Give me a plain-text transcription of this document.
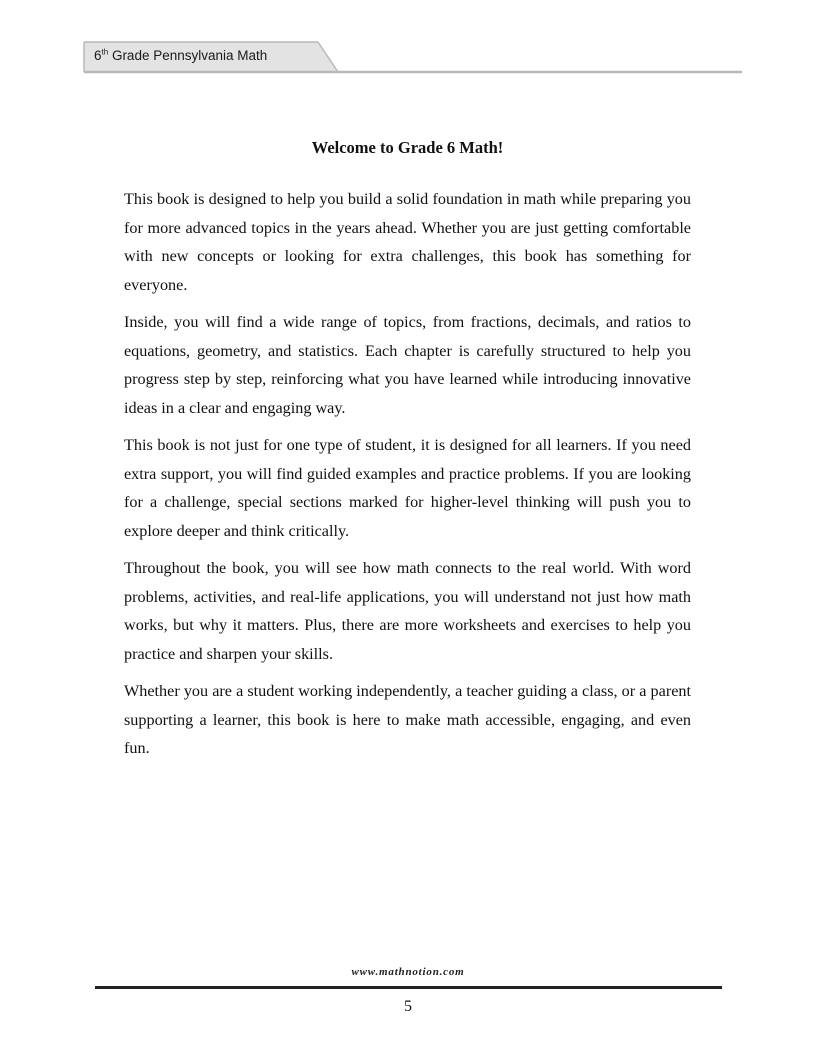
6th Grade Pennsylvania Math
Welcome to Grade 6 Math!

This book is designed to help you build a solid foundation in math while preparing you for more advanced topics in the years ahead. Whether you are just getting comfortable with new concepts or looking for extra challenges, this book has something for everyone.

Inside, you will find a wide range of topics, from fractions, decimals, and ratios to equations, geometry, and statistics. Each chapter is carefully structured to help you progress step by step, reinforcing what you have learned while introducing innovative ideas in a clear and engaging way.

This book is not just for one type of student, it is designed for all learners. If you need extra support, you will find guided examples and practice problems. If you are looking for a challenge, special sections marked for higher-level thinking will push you to explore deeper and think critically.

Throughout the book, you will see how math connects to the real world. With word problems, activities, and real-life applications, you will understand not just how math works, but why it matters. Plus, there are more worksheets and exercises to help you practice and sharpen your skills.

Whether you are a student working independently, a teacher guiding a class, or a parent supporting a learner, this book is here to make math accessible, engaging, and even fun.

www.mathnotion.com
5
